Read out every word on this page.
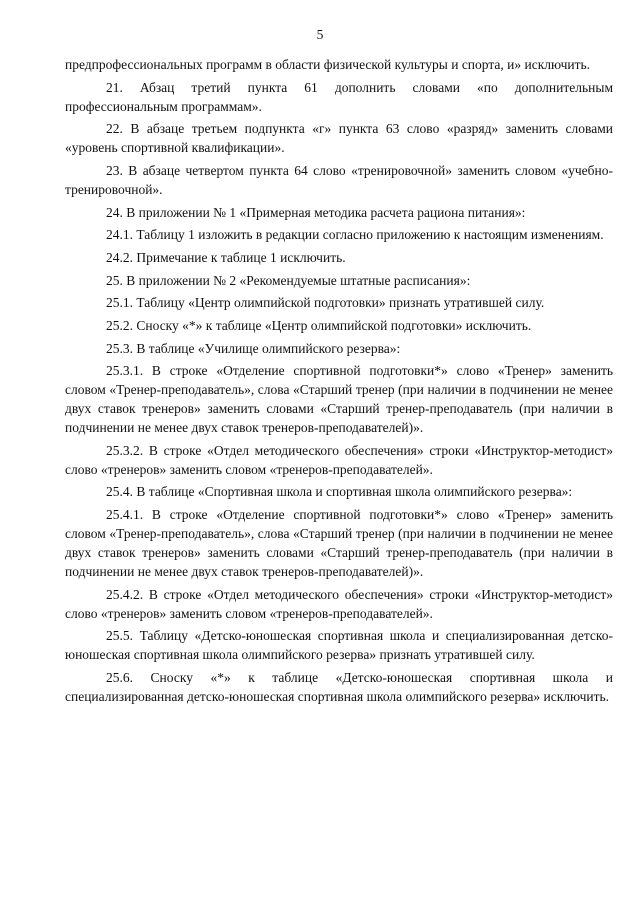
5

предпрофессиональных программ в области физической культуры и спорта, и» исключить.

21. Абзац третий пункта 61 дополнить словами «по дополнительным профессиональным программам».

22. В абзаце третьем подпункта «г» пункта 63 слово «разряд» заменить словами «уровень спортивной квалификации».

23. В абзаце четвертом пункта 64 слово «тренировочной» заменить словом «учебно-тренировочной».

24. В приложении № 1 «Примерная методика расчета рациона питания»:

24.1. Таблицу 1 изложить в редакции согласно приложению к настоящим изменениям.

24.2. Примечание к таблице 1 исключить.

25. В приложении № 2 «Рекомендуемые штатные расписания»:

25.1. Таблицу «Центр олимпийской подготовки» признать утратившей силу.

25.2. Сноску «*» к таблице «Центр олимпийской подготовки» исключить.

25.3. В таблице «Училище олимпийского резерва»:

25.3.1. В строке «Отделение спортивной подготовки*» слово «Тренер» заменить словом «Тренер-преподаватель», слова «Старший тренер (при наличии в подчинении не менее двух ставок тренеров» заменить словами «Старший тренер-преподаватель (при наличии в подчинении не менее двух ставок тренеров-преподавателей)».

25.3.2. В строке «Отдел методического обеспечения» строки «Инструктор-методист» слово «тренеров» заменить словом «тренеров-преподавателей».

25.4. В таблице «Спортивная школа и спортивная школа олимпийского резерва»:

25.4.1. В строке «Отделение спортивной подготовки*» слово «Тренер» заменить словом «Тренер-преподаватель», слова «Старший тренер (при наличии в подчинении не менее двух ставок тренеров» заменить словами «Старший тренер-преподаватель (при наличии в подчинении не менее двух ставок тренеров-преподавателей)».

25.4.2. В строке «Отдел методического обеспечения» строки «Инструктор-методист» слово «тренеров» заменить словом «тренеров-преподавателей».

25.5. Таблицу «Детско-юношеская спортивная школа и специализированная детско-юношеская спортивная школа олимпийского резерва» признать утратившей силу.

25.6. Сноску «*» к таблице «Детско-юношеская спортивная школа и специализированная детско-юношеская спортивная школа олимпийского резерва» исключить.
